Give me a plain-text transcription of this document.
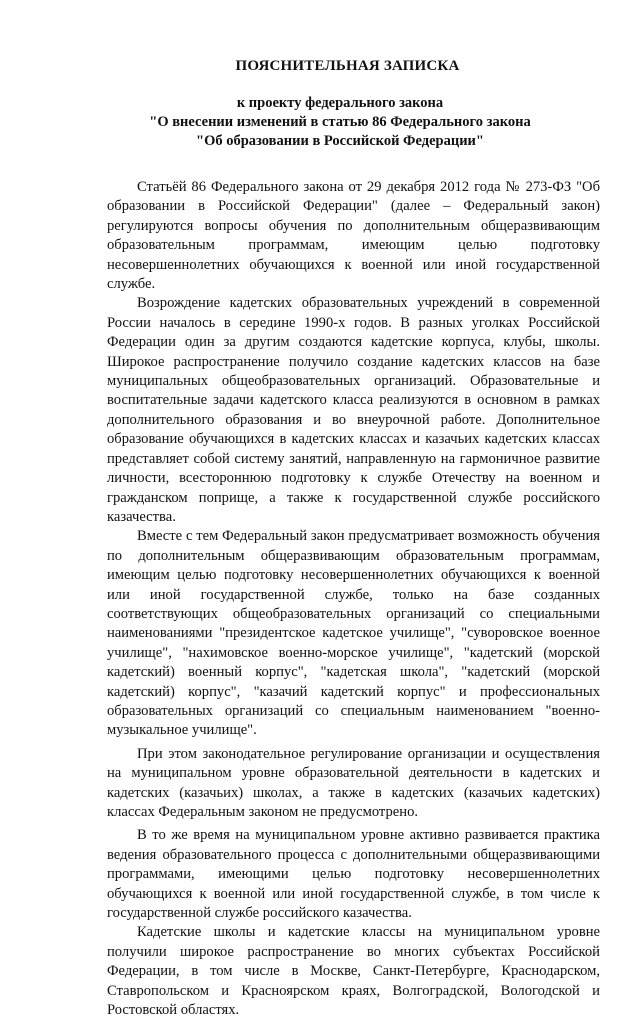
ПОЯСНИТЕЛЬНАЯ ЗАПИСКА
к проекту федерального закона
"О внесении изменений в статью 86 Федерального закона
"Об образовании в Российской Федерации"

Статьёй 86 Федерального закона от 29 декабря 2012 года № 273-ФЗ "Об образовании в Российской Федерации" (далее – Федеральный закон) регулируются вопросы обучения по дополнительным общеразвивающим образовательным программам, имеющим целью подготовку несовершеннолетних обучающихся к военной или иной государственной службе.

Возрождение кадетских образовательных учреждений в современной России началось в середине 1990-х годов. В разных уголках Российской Федерации один за другим создаются кадетские корпуса, клубы, школы. Широкое распространение получило создание кадетских классов на базе муниципальных общеобразовательных организаций. Образовательные и воспитательные задачи кадетского класса реализуются в основном в рамках дополнительного образования и во внеурочной работе. Дополнительное образование обучающихся в кадетских классах и казачьих кадетских классах представляет собой систему занятий, направленную на гармоничное развитие личности, всестороннюю подготовку к службе Отечеству на военном и гражданском поприще, а также к государственной службе российского казачества.

Вместе с тем Федеральный закон предусматривает возможность обучения по дополнительным общеразвивающим образовательным программам, имеющим целью подготовку несовершеннолетних обучающихся к военной или иной государственной службе, только на базе созданных соответствующих общеобразовательных организаций со специальными наименованиями "президентское кадетское училище", "суворовское военное училище", "нахимовское военно-морское училище", "кадетский (морской кадетский) военный корпус", "кадетская школа", "кадетский (морской кадетский) корпус", "казачий кадетский корпус" и профессиональных образовательных организаций со специальным наименованием "военно-музыкальное училище".

При этом законодательное регулирование организации и осуществления на муниципальном уровне образовательной деятельности в кадетских и кадетских (казачьих) школах, а также в кадетских (казачьих кадетских) классах Федеральным законом не предусмотрено.

В то же время на муниципальном уровне активно развивается практика ведения образовательного процесса с дополнительными общеразвивающими программами, имеющими целью подготовку несовершеннолетних обучающихся к военной или иной государственной службе, в том числе к государственной службе российского казачества.

Кадетские школы и кадетские классы на муниципальном уровне получили широкое распространение во многих субъектах Российской Федерации, в том числе в Москве, Санкт-Петербурге, Краснодарском, Ставропольском и Красноярском краях, Волгоградской, Вологодской и Ростовской областях.
